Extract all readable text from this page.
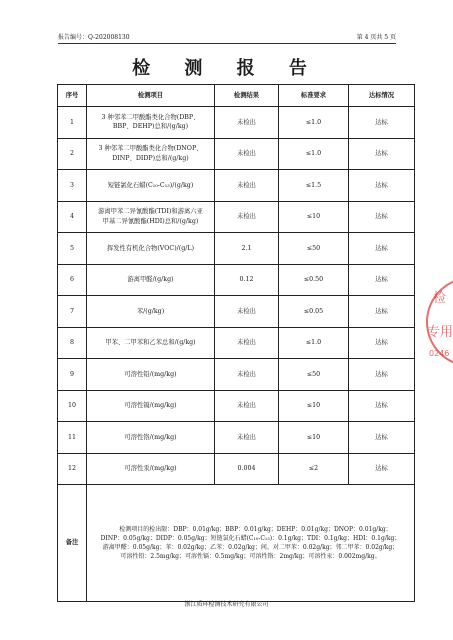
报告编号：Q-202008130	第 4 页共 5 页
检 测 报 告
序号	检测项目	检测结果	标准要求	达标情况
1	3 种邻苯二甲酸酯类化合物(DBP、
BBP、DEHP)总和/(g/kg)	未检出	≤1.0	达标
2	3 种邻苯二甲酸酯类化合物(DNOP、
DINP、DIDP)总和/(g/kg)	未检出	≤1.0	达标
3	短链氯化石蜡(C₁₀-C₁₃)/(g/kg)	未检出	≤1.5	达标
4	游离甲苯二异氰酸酯(TDI)和游离六亚
甲基二异氰酸酯(HDI)总和/(g/kg)	未检出	≤10	达标
5	挥发性有机化合物(VOC)/(g/L)	2.1	≤50	达标
6	游离甲醛/(g/kg)	0.12	≤0.50	达标
7	苯/(g/kg)	未检出	≤0.05	达标
8	甲苯、二甲苯和乙苯总和/(g/kg)	未检出	≤1.0	达标
9	可溶性铅/(mg/kg)	未检出	≤50	达标
10	可溶性镉/(mg/kg)	未检出	≤10	达标
11	可溶性铬/(mg/kg)	未检出	≤10	达标
12	可溶性汞/(mg/kg)	0.004	≤2	达标
备注	检测项目的检出限：DBP：0.01g/kg；BBP：0.01g/kg；DEHP：0.01g/kg；DNOP：0.01g/kg；
DINP：0.05g/kg；DIDP：0.05g/kg；短链氯化石蜡(C₁₀-C₁₃)：0.1g/kg；TDI：0.1g/kg；HDI：0.1g/kg；
游离甲醛：0.05g/kg；苯：0.02g/kg；乙苯：0.02g/kg；间、对二甲苯：0.02g/kg；邻二甲苯：0.02g/kg；
可溶性铅：2.5mg/kg；可溶性镉：0.5mg/kg；可溶性铬：2mg/kg；可溶性汞：0.002mg/kg。			
浙江质环检测技术研究有限公司
检
专用
0246
